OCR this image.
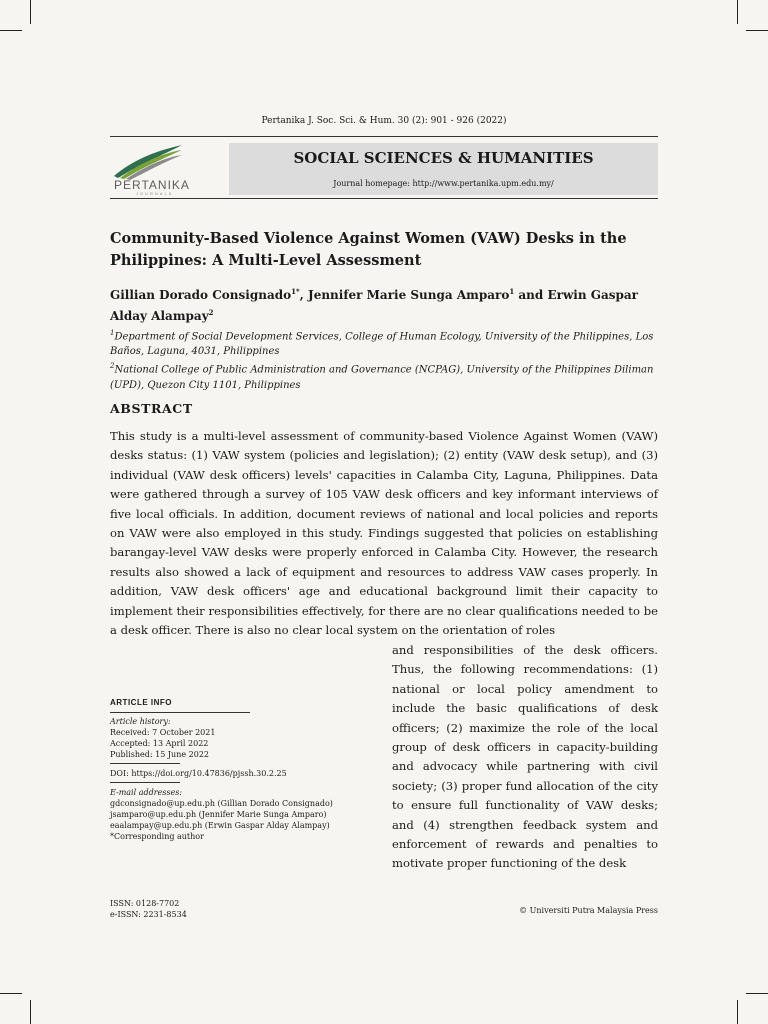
Pertanika J. Soc. Sci. & Hum. 30 (2): 901 - 926 (2022)
PERTANIKA
JOURNALS
SOCIAL SCIENCES & HUMANITIES
Journal homepage: http://www.pertanika.upm.edu.my/
Community-Based Violence Against Women (VAW) Desks in the Philippines: A Multi-Level Assessment
Gillian Dorado Consignado$^{1*}$, Jennifer Marie Sunga Amparo$^1$ and Erwin Gaspar Alday Alampay$^2$

$^1$Department of Social Development Services, College of Human Ecology, University of the Philippines, Los Baños, Laguna, 4031, Philippines

$^2$National College of Public Administration and Governance (NCPAG), University of the Philippines Diliman (UPD), Quezon City 1101, Philippines

ABSTRACT

This study is a multi-level assessment of community-based Violence Against Women (VAW) desks status: (1) VAW system (policies and legislation); (2) entity (VAW desk setup), and (3) individual (VAW desk officers) levels' capacities in Calamba City, Laguna, Philippines. Data were gathered through a survey of 105 VAW desk officers and key informant interviews of five local officials. In addition, document reviews of national and local policies and reports on VAW were also employed in this study. Findings suggested that policies on establishing barangay-level VAW desks were properly enforced in Calamba City. However, the research results also showed a lack of equipment and resources to address VAW cases properly. In addition, VAW desk officers' age and educational background limit their capacity to implement their responsibilities effectively, for there are no clear qualifications needed to be a desk officer. There is also no clear local system on the orientation of roles

and responsibilities of the desk officers. Thus, the following recommendations: (1) national or local policy amendment to include the basic qualifications of desk officers; (2) maximize the role of the local group of desk officers in capacity-building and advocacy while partnering with civil society; (3) proper fund allocation of the city to ensure full functionality of VAW desks; and (4) strengthen feedback system and enforcement of rewards and penalties to motivate proper functioning of the desk

ARTICLE INFO
Article history:
Received: 7 October 2021
Accepted: 13 April 2022
Published: 15 June 2022
DOI: https://doi.org/10.47836/pjssh.30.2.25
E-mail addresses:
gdconsignado@up.edu.ph (Gillian Dorado Consignado)
jsamparo@up.edu.ph (Jennifer Marie Sunga Amparo)
eaalampay@up.edu.ph (Erwin Gaspar Alday Alampay)
*Corresponding author
ISSN: 0128-7702
e-ISSN: 2231-8534	© Universiti Putra Malaysia Press
